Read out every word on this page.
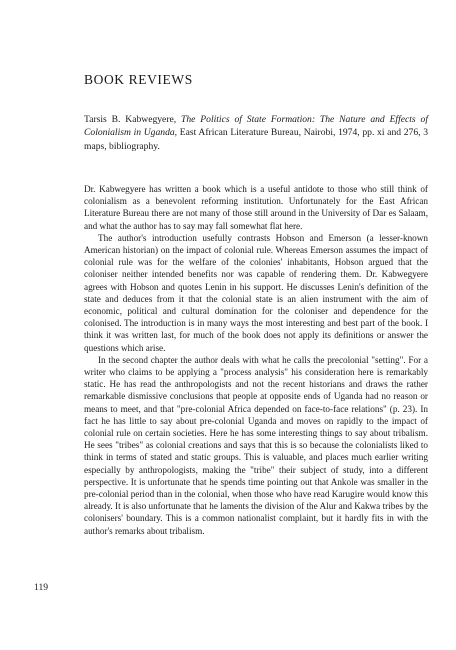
BOOK REVIEWS

Tarsis B. Kabwegyere, The Politics of State Formation: The Nature and Effects of Colonialism in Uganda, East African Literature Bureau, Nairobi, 1974, pp. xi and 276, 3 maps, bibliography.

Dr. Kabwegyere has written a book which is a useful antidote to those who still think of colonialism as a benevolent reforming institution. Unfortunately for the East African Literature Bureau there are not many of those still around in the University of Dar es Salaam, and what the author has to say may fall somewhat flat here.

The author's introduction usefully contrasts Hobson and Emerson (a lesser-known American historian) on the impact of colonial rule. Whereas Emerson assumes the impact of colonial rule was for the welfare of the colonies' inhabitants, Hobson argued that the coloniser neither intended benefits nor was capable of rendering them. Dr. Kabwegyere agrees with Hobson and quotes Lenin in his support. He discusses Lenin's definition of the state and deduces from it that the colonial state is an alien instrument with the aim of economic, political and cultural domination for the coloniser and dependence for the colonised. The introduction is in many ways the most interesting and best part of the book. I think it was written last, for much of the book does not apply its definitions or answer the questions which arise.

In the second chapter the author deals with what he calls the precolonial "setting". For a writer who claims to be applying a "process analysis" his consideration here is remarkably static. He has read the anthropologists and not the recent historians and draws the rather remarkable dismissive conclusions that people at opposite ends of Uganda had no reason or means to meet, and that "pre-colonial Africa depended on face-to-face relations" (p. 23). In fact he has little to say about pre-colonial Uganda and moves on rapidly to the impact of colonial rule on certain societies. Here he has some interesting things to say about tribalism. He sees "tribes" as colonial creations and says that this is so because the colonialists liked to think in terms of stated and static groups. This is valuable, and places much earlier writing especially by anthropologists, making the "tribe" their subject of study, into a different perspective. It is unfortunate that he spends time pointing out that Ankole was smaller in the pre-colonial period than in the colonial, when those who have read Karugire would know this already. It is also unfortunate that he laments the division of the Alur and Kakwa tribes by the colonisers' boundary. This is a common nationalist complaint, but it hardly fits in with the author's remarks about tribalism.

119
